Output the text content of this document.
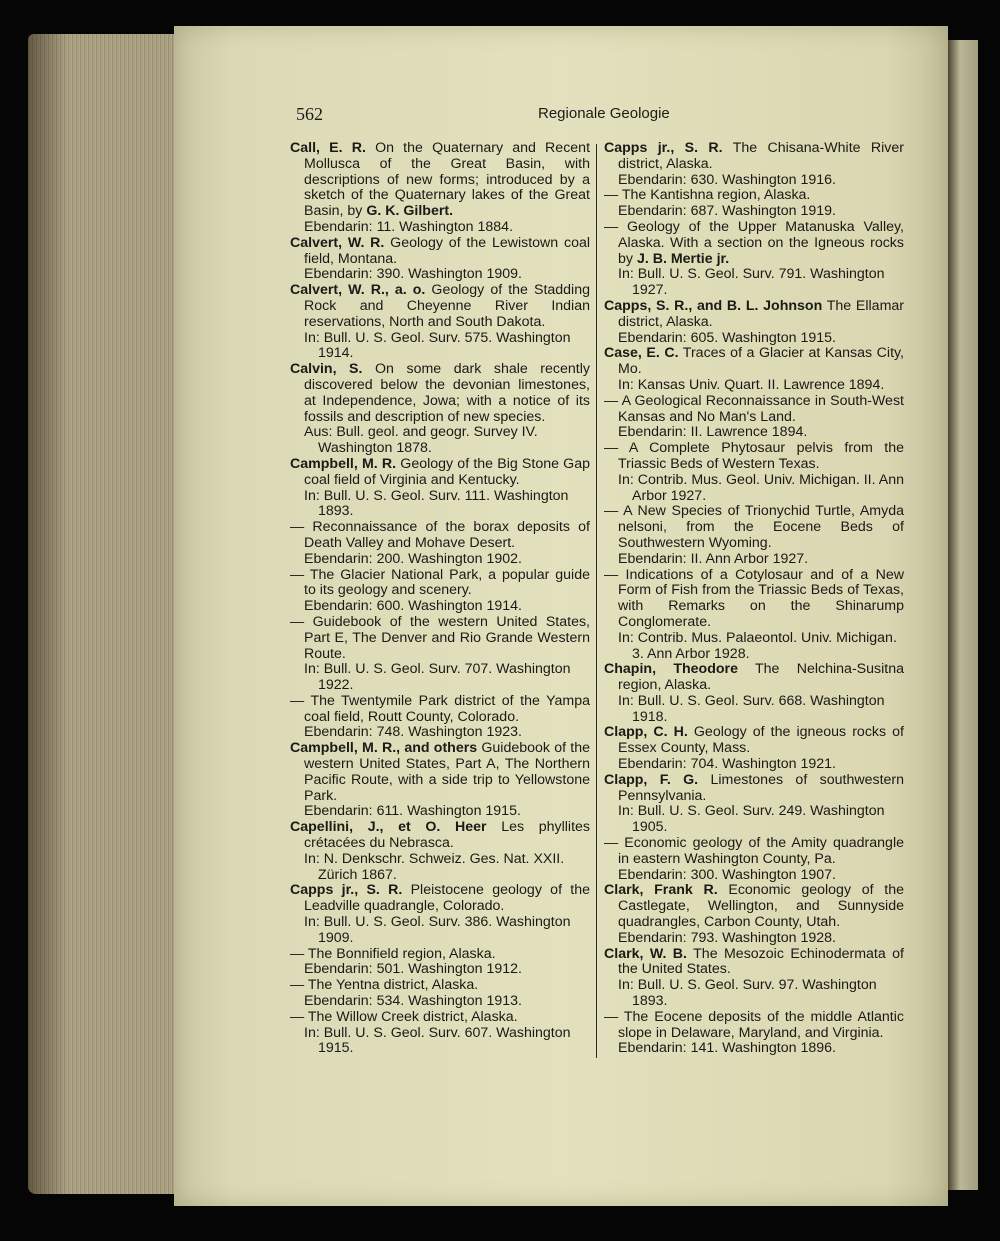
562	Regionale Geologie

Call, E. R. On the Quaternary and Recent Mollusca of the Great Basin, with descriptions of new forms; introduced by a sketch of the Quaternary lakes of the Great Basin, by G. K. Gilbert.
Ebendarin: 11. Washington 1884.

Calvert, W. R. Geology of the Lewistown coal field, Montana.
Ebendarin: 390. Washington 1909.

Calvert, W. R., a. o. Geology of the Stadding Rock and Cheyenne River Indian reservations, North and South Dakota.
In: Bull. U. S. Geol. Surv. 575. Washington 1914.

Calvin, S. On some dark shale recently discovered below the devonian limestones, at Independence, Jowa; with a notice of its fossils and description of new species.
Aus: Bull. geol. and geogr. Survey IV. Washington 1878.

Campbell, M. R. Geology of the Big Stone Gap coal field of Virginia and Kentucky.
In: Bull. U. S. Geol. Surv. 111. Washington 1893.

— Reconnaissance of the borax deposits of Death Valley and Mohave Desert.
Ebendarin: 200. Washington 1902.

— The Glacier National Park, a popular guide to its geology and scenery.
Ebendarin: 600. Washington 1914.

— Guidebook of the western United States, Part E, The Denver and Rio Grande Western Route.
In: Bull. U. S. Geol. Surv. 707. Washington 1922.

— The Twentymile Park district of the Yampa coal field, Routt County, Colorado.
Ebendarin: 748. Washington 1923.

Campbell, M. R., and others Guidebook of the western United States, Part A, The Northern Pacific Route, with a side trip to Yellowstone Park.
Ebendarin: 611. Washington 1915.

Capellini, J., et O. Heer Les phyllites crétacées du Nebrasca.
In: N. Denkschr. Schweiz. Ges. Nat. XXII. Zürich 1867.

Capps jr., S. R. Pleistocene geology of the Leadville quadrangle, Colorado.
In: Bull. U. S. Geol. Surv. 386. Washington 1909.

— The Bonnifield region, Alaska.
Ebendarin: 501. Washington 1912.

— The Yentna district, Alaska.
Ebendarin: 534. Washington 1913.

— The Willow Creek district, Alaska.
In: Bull. U. S. Geol. Surv. 607. Washington 1915.

Capps jr., S. R. The Chisana-White River district, Alaska.
Ebendarin: 630. Washington 1916.

— The Kantishna region, Alaska.
Ebendarin: 687. Washington 1919.

— Geology of the Upper Matanuska Valley, Alaska. With a section on the Igneous rocks by J. B. Mertie jr.
In: Bull. U. S. Geol. Surv. 791. Washington 1927.

Capps, S. R., and B. L. Johnson The Ellamar district, Alaska.
Ebendarin: 605. Washington 1915.

Case, E. C. Traces of a Glacier at Kansas City, Mo.
In: Kansas Univ. Quart. II. Lawrence 1894.

— A Geological Reconnaissance in South-West Kansas and No Man's Land.
Ebendarin: II. Lawrence 1894.

— A Complete Phytosaur pelvis from the Triassic Beds of Western Texas.
In: Contrib. Mus. Geol. Univ. Michigan. II. Ann Arbor 1927.

— A New Species of Trionychid Turtle, Amyda nelsoni, from the Eocene Beds of Southwestern Wyoming.
Ebendarin: II. Ann Arbor 1927.

— Indications of a Cotylosaur and of a New Form of Fish from the Triassic Beds of Texas, with Remarks on the Shinarump Conglomerate.
In: Contrib. Mus. Palaeontol. Univ. Michigan. 3. Ann Arbor 1928.

Chapin, Theodore The Nelchina-Susitna region, Alaska.
In: Bull. U. S. Geol. Surv. 668. Washington 1918.

Clapp, C. H. Geology of the igneous rocks of Essex County, Mass.
Ebendarin: 704. Washington 1921.

Clapp, F. G. Limestones of southwestern Pennsylvania.
In: Bull. U. S. Geol. Surv. 249. Washington 1905.

— Economic geology of the Amity quadrangle in eastern Washington County, Pa.
Ebendarin: 300. Washington 1907.

Clark, Frank R. Economic geology of the Castlegate, Wellington, and Sunnyside quadrangles, Carbon County, Utah.
Ebendarin: 793. Washington 1928.

Clark, W. B. The Mesozoic Echinodermata of the United States.
In: Bull. U. S. Geol. Surv. 97. Washington 1893.

— The Eocene deposits of the middle Atlantic slope in Delaware, Maryland, and Virginia.
Ebendarin: 141. Washington 1896.
